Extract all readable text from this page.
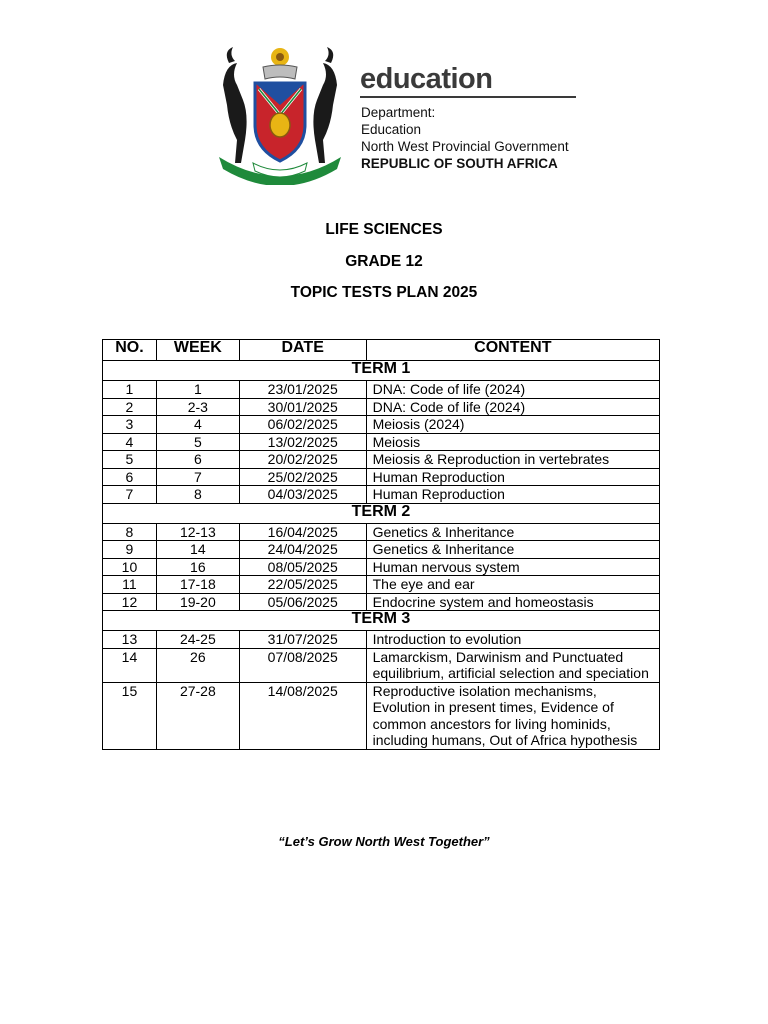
education
Department:
Education
North West Provincial Government
REPUBLIC OF SOUTH AFRICA
LIFE SCIENCES
GRADE 12
TOPIC TESTS PLAN 2025
NO.	WEEK	DATE	CONTENT
TERM 1			
1	1	23/01/2025	DNA: Code of life (2024)
2	2-3	30/01/2025	DNA: Code of life (2024)
3	4	06/02/2025	Meiosis (2024)
4	5	13/02/2025	Meiosis
5	6	20/02/2025	Meiosis & Reproduction in vertebrates
6	7	25/02/2025	Human Reproduction
7	8	04/03/2025	Human Reproduction
TERM 2			
8	12-13	16/04/2025	Genetics & Inheritance
9	14	24/04/2025	Genetics & Inheritance
10	16	08/05/2025	Human nervous system
11	17-18	22/05/2025	The eye and ear
12	19-20	05/06/2025	Endocrine system and homeostasis
TERM 3			
13	24-25	31/07/2025	Introduction to evolution
14	26	07/08/2025	Lamarckism, Darwinism and Punctuated equilibrium, artificial selection and speciation
15	27-28	14/08/2025	Reproductive isolation mechanisms, Evolution in present times, Evidence of common ancestors for living hominids, including humans, Out of Africa hypothesis
“Let’s Grow North West Together”
